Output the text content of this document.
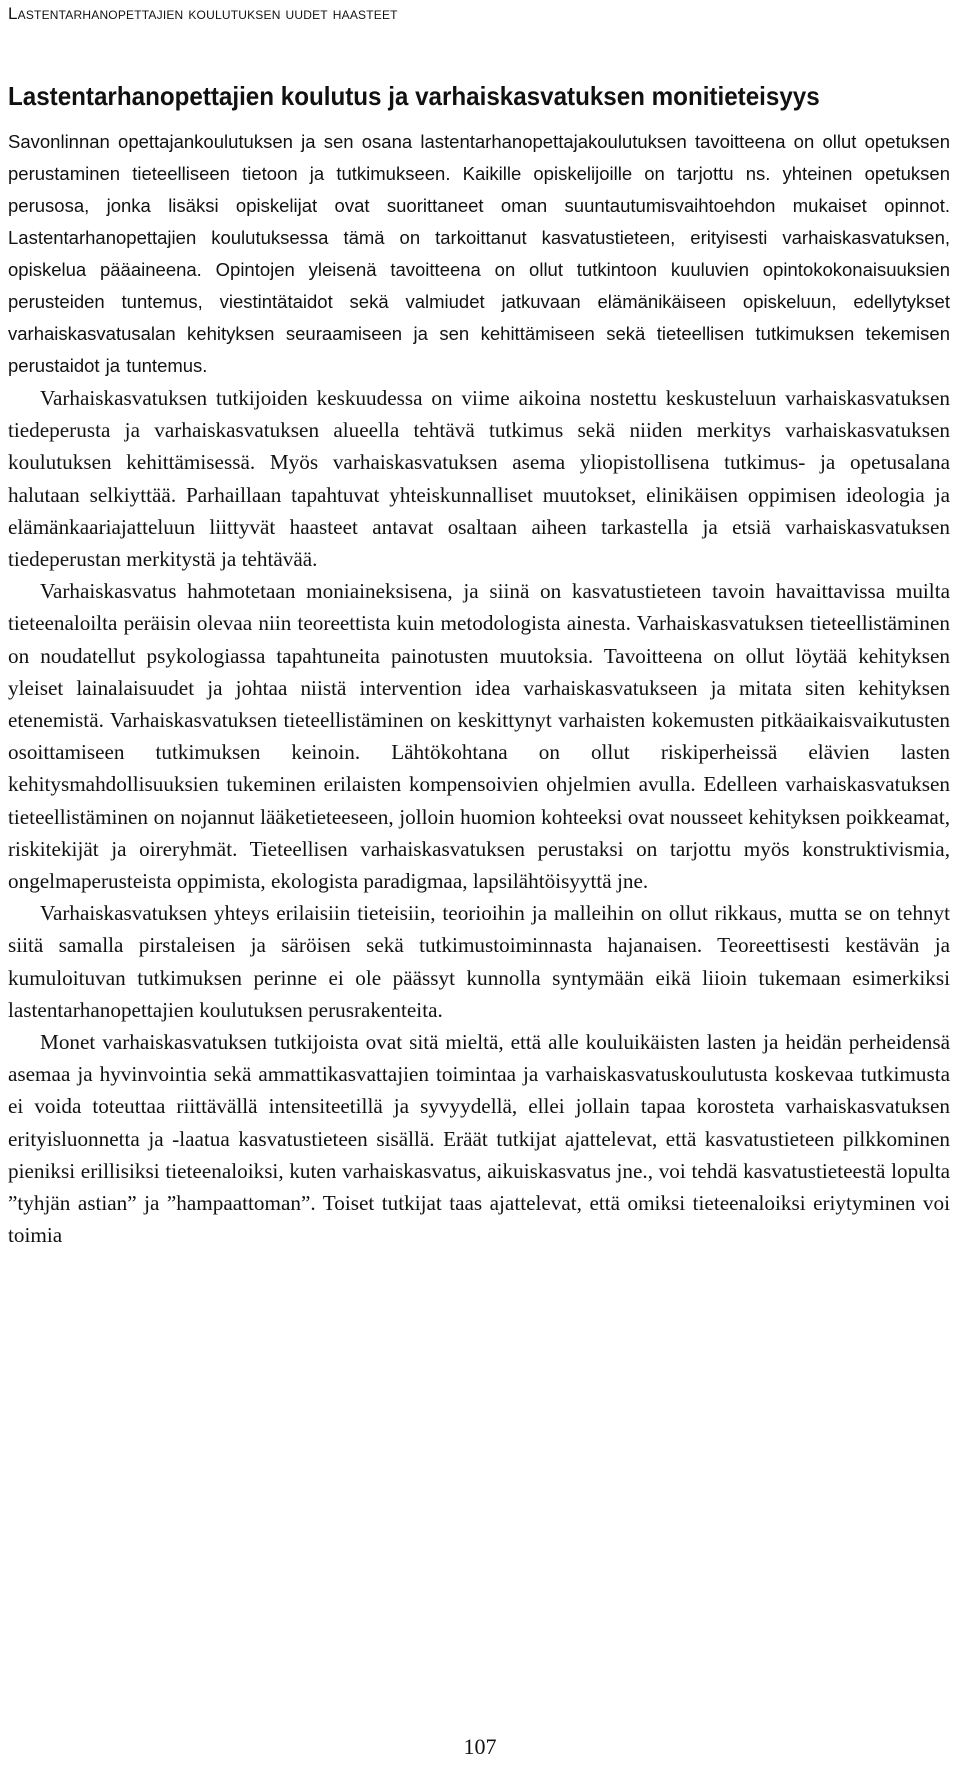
Lastentarhanopettajien koulutuksen uudet haasteet
Lastentarhanopettajien koulutus ja varhaiskasvatuksen monitieteisyys

Savonlinnan opettajankoulutuksen ja sen osana lastentarhanopettajakoulutuksen tavoitteena on ollut opetuksen perustaminen tieteelliseen tietoon ja tutkimukseen. Kaikille opiskelijoille on tarjottu ns. yhteinen opetuksen perusosa, jonka lisäksi opiskelijat ovat suorittaneet oman suuntautumisvaihtoehdon mukaiset opinnot. Lastentarhanopettajien koulutuksessa tämä on tarkoittanut kasvatustieteen, erityisesti varhaiskasvatuksen, opiskelua pääaineena. Opintojen yleisenä tavoitteena on ollut tutkintoon kuuluvien opintokokonaisuuksien perusteiden tuntemus, viestintätaidot sekä valmiudet jatkuvaan elämänikäiseen opiskeluun, edellytykset varhaiskasvatusalan kehityksen seuraamiseen ja sen kehittämiseen sekä tieteellisen tutkimuksen tekemisen perustaidot ja tuntemus.

Varhaiskasvatuksen tutkijoiden keskuudessa on viime aikoina nostettu keskusteluun varhaiskasvatuksen tiedeperusta ja varhaiskasvatuksen alueella tehtävä tutkimus sekä niiden merkitys varhaiskasvatuksen koulutuksen kehittämisessä. Myös varhaiskasvatuksen asema yliopistollisena tutkimus- ja opetusalana halutaan selkiyttää. Parhaillaan tapahtuvat yhteiskunnalliset muutokset, elinikäisen oppimisen ideologia ja elämänkaariajatteluun liittyvät haasteet antavat osaltaan aiheen tarkastella ja etsiä varhaiskasvatuksen tiedeperustan merkitystä ja tehtävää.

Varhaiskasvatus hahmotetaan moniaineksisena, ja siinä on kasvatustieteen tavoin havaittavissa muilta tieteenaloilta peräisin olevaa niin teoreettista kuin metodologista ainesta. Varhaiskasvatuksen tieteellistäminen on noudatellut psykologiassa tapahtuneita painotusten muutoksia. Tavoitteena on ollut löytää kehityksen yleiset lainalaisuudet ja johtaa niistä intervention idea varhaiskasvatukseen ja mitata siten kehityksen etenemistä. Varhaiskasvatuksen tieteellistäminen on keskittynyt varhaisten kokemusten pitkäaikaisvaikutusten osoittamiseen tutkimuksen keinoin. Lähtökohtana on ollut riskiperheissä elävien lasten kehitysmahdollisuuksien tukeminen erilaisten kompensoivien ohjelmien avulla. Edelleen varhaiskasvatuksen tieteellistäminen on nojannut lääketieteeseen, jolloin huomion kohteeksi ovat nousseet kehityksen poikkeamat, riskitekijät ja oireryhmät. Tieteellisen varhaiskasvatuksen perustaksi on tarjottu myös konstruktivismia, ongelmaperusteista oppimista, ekologista paradigmaa, lapsilähtöisyyttä jne.

Varhaiskasvatuksen yhteys erilaisiin tieteisiin, teorioihin ja malleihin on ollut rikkaus, mutta se on tehnyt siitä samalla pirstaleisen ja säröisen sekä tutkimustoiminnasta hajanaisen. Teoreettisesti kestävän ja kumuloituvan tutkimuksen perinne ei ole päässyt kunnolla syntymään eikä liioin tukemaan esimerkiksi lastentarhanopettajien koulutuksen perusrakenteita.

Monet varhaiskasvatuksen tutkijoista ovat sitä mieltä, että alle kouluikäisten lasten ja heidän perheidensä asemaa ja hyvinvointia sekä ammattikasvattajien toimintaa ja varhaiskasvatuskoulutusta koskevaa tutkimusta ei voida toteuttaa riittävällä intensiteetillä ja syvyydellä, ellei jollain tapaa korosteta varhaiskasvatuksen erityisluonnetta ja -laatua kasvatustieteen sisällä. Eräät tutkijat ajattelevat, että kasvatustieteen pilkkominen pieniksi erillisiksi tieteenaloiksi, kuten varhaiskasvatus, aikuiskasvatus jne., voi tehdä kasvatustieteestä lopulta ”tyhjän astian” ja ”hampaattoman”. Toiset tutkijat taas ajattelevat, että omiksi tieteenaloiksi eriytyminen voi toimia

107
